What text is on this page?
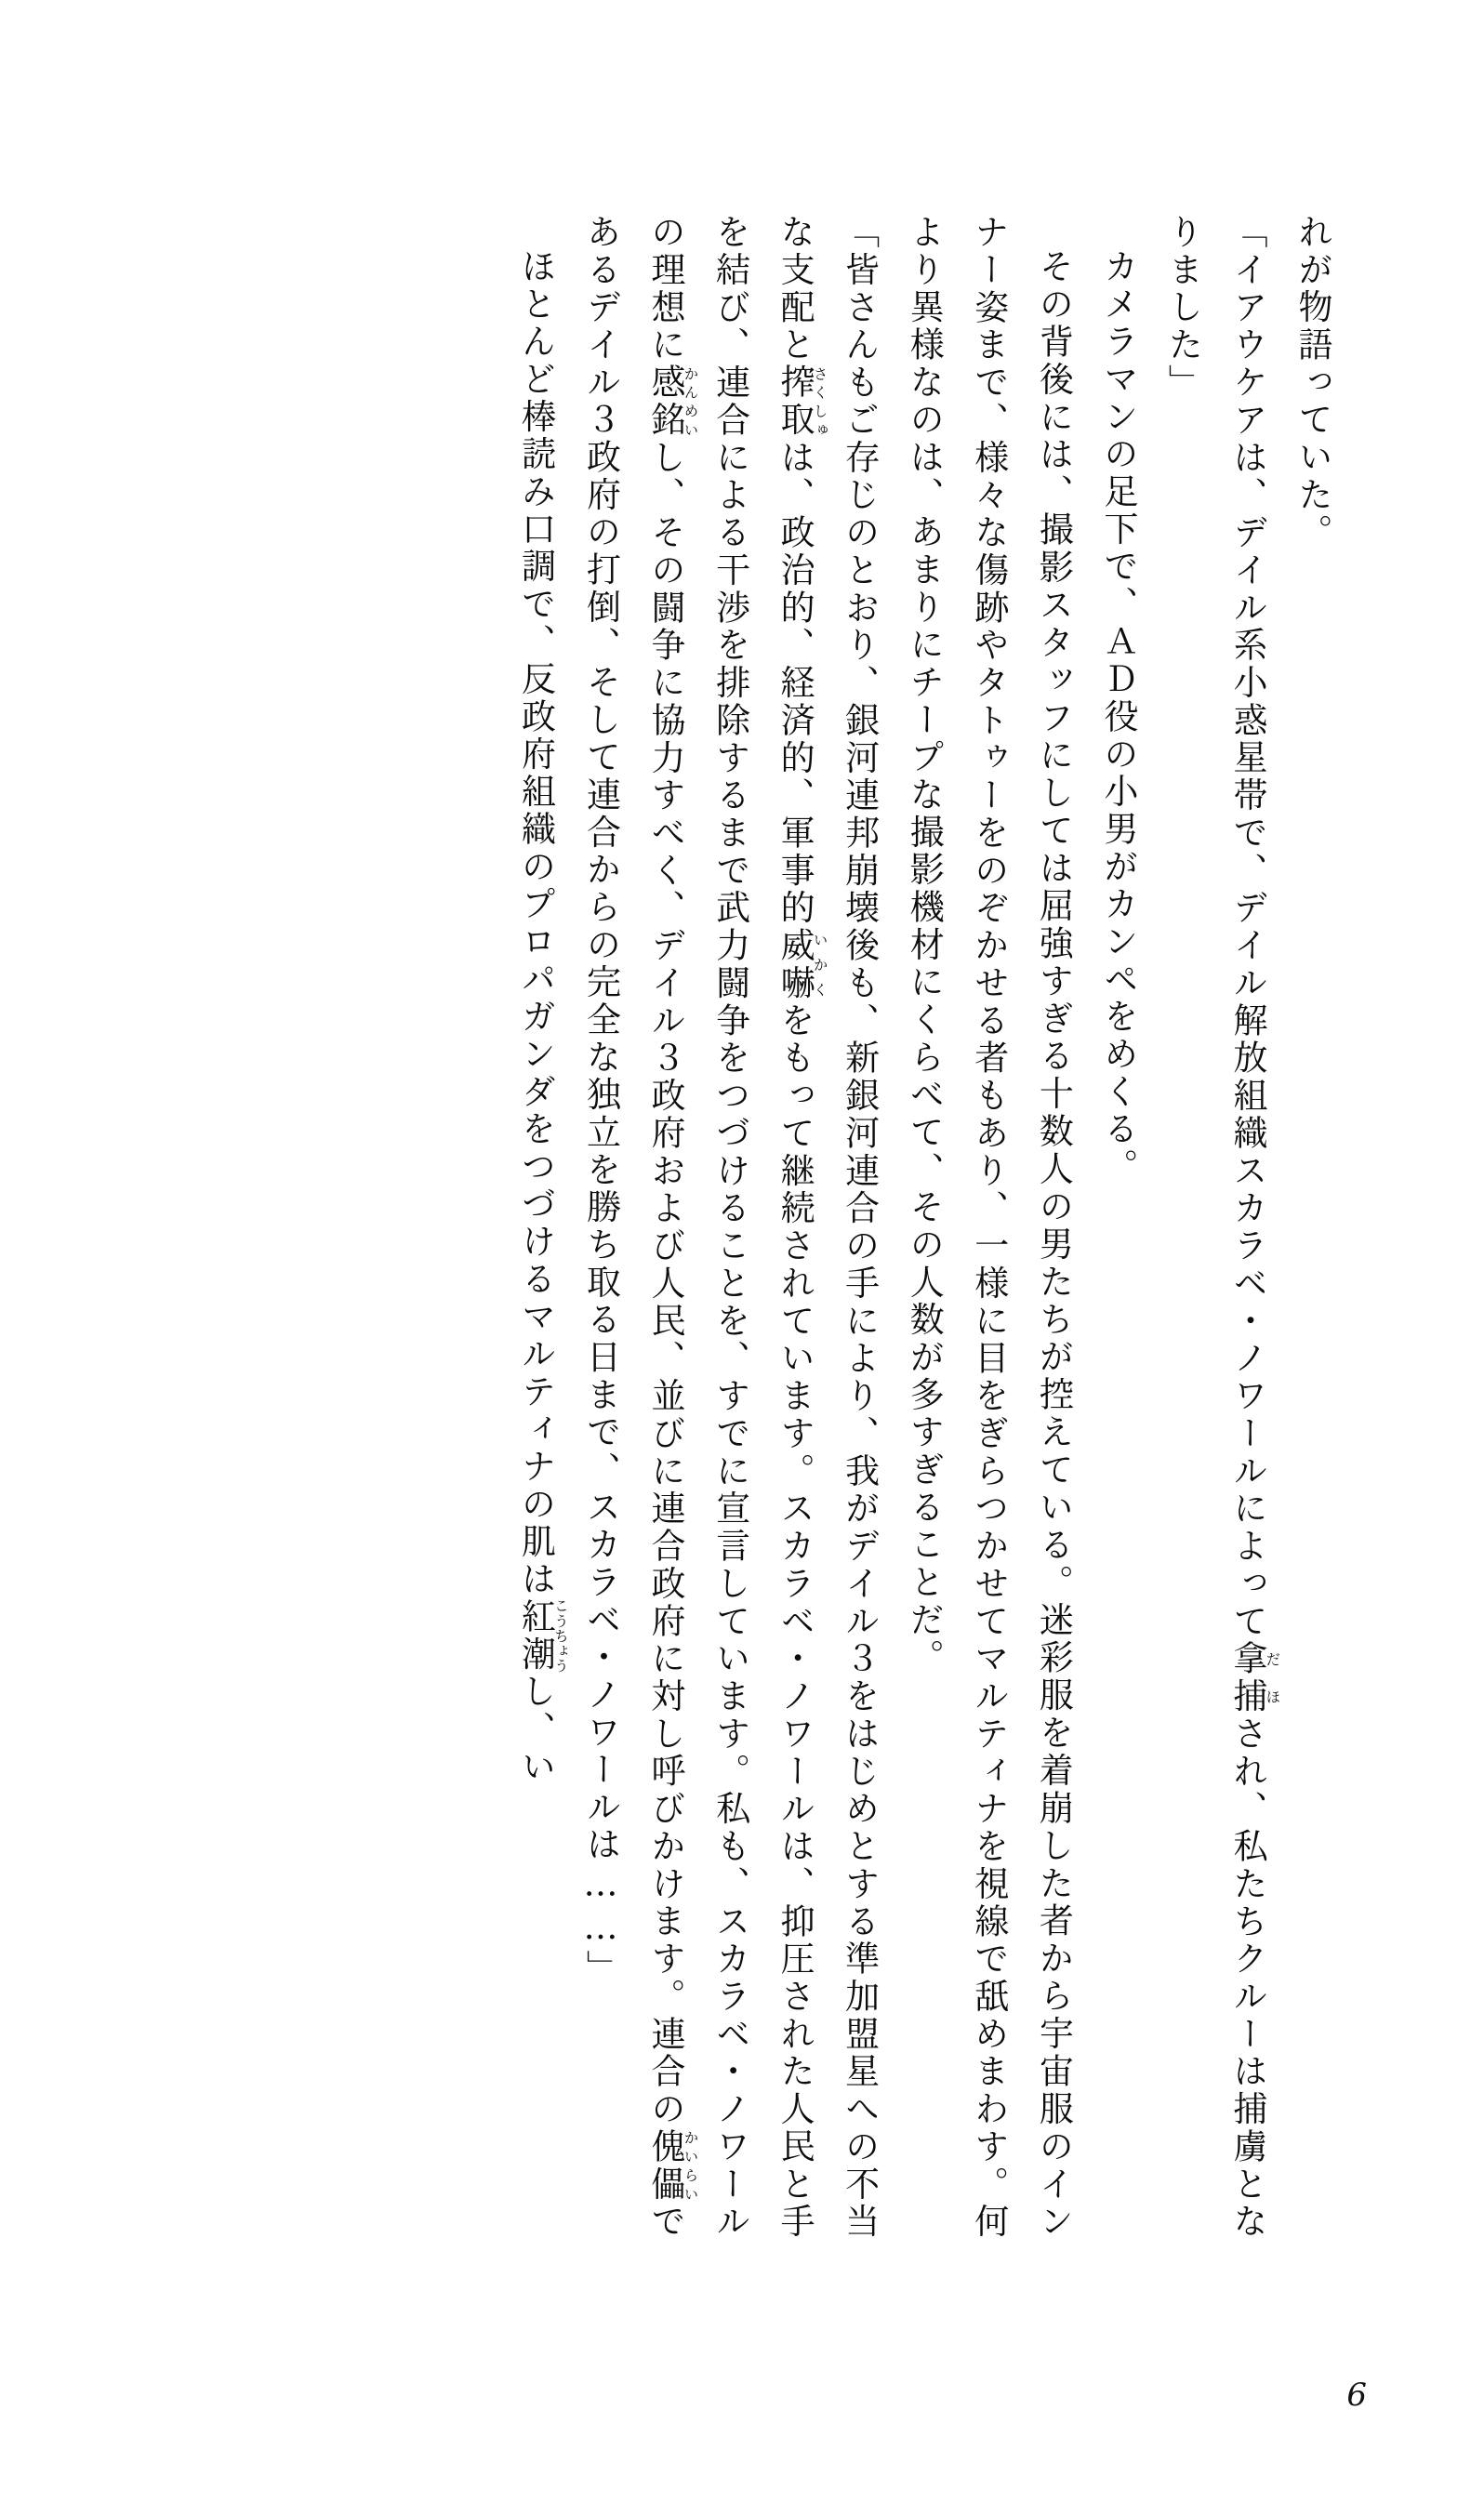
れが物語っていた。

「イアウケアは、デイル系小惑星帯で、デイル解放組織スカラベ・ノワールによって拿捕だほされ、私たちクルーは捕虜となりました」

カメラマンの足下で、ＡＤ役の小男がカンペをめくる。

その背後には、撮影スタッフにしては屈強すぎる十数人の男たちが控えている。迷彩服を着崩した者から宇宙服のインナー姿まで、様々な傷跡やタトゥーをのぞかせる者もあり、一様に目をぎらつかせてマルティナを視線で舐めまわす。何より異様なのは、あまりにチープな撮影機材にくらべて、その人数が多すぎることだ。

「皆さんもご存じのとおり、銀河連邦崩壊後も、新銀河連合の手により、我がデイル３をはじめとする準加盟星への不当な支配と搾取さくしゅは、政治的、経済的、軍事的威嚇いかくをもって継続されています。スカラベ・ノワールは、抑圧された人民と手を結び、連合による干渉を排除するまで武力闘争をつづけることを、すでに宣言しています。私も、スカラベ・ノワールの理想に感銘かんめいし、その闘争に協力すべく、デイル３政府および人民、並びに連合政府に対し呼びかけます。連合の傀儡かいらいであるデイル３政府の打倒、そして連合からの完全な独立を勝ち取る日まで、スカラベ・ノワールは……」

ほとんど棒読み口調で、反政府組織のプロパガンダをつづけるマルティナの肌は紅潮こうちょうし、い

6
